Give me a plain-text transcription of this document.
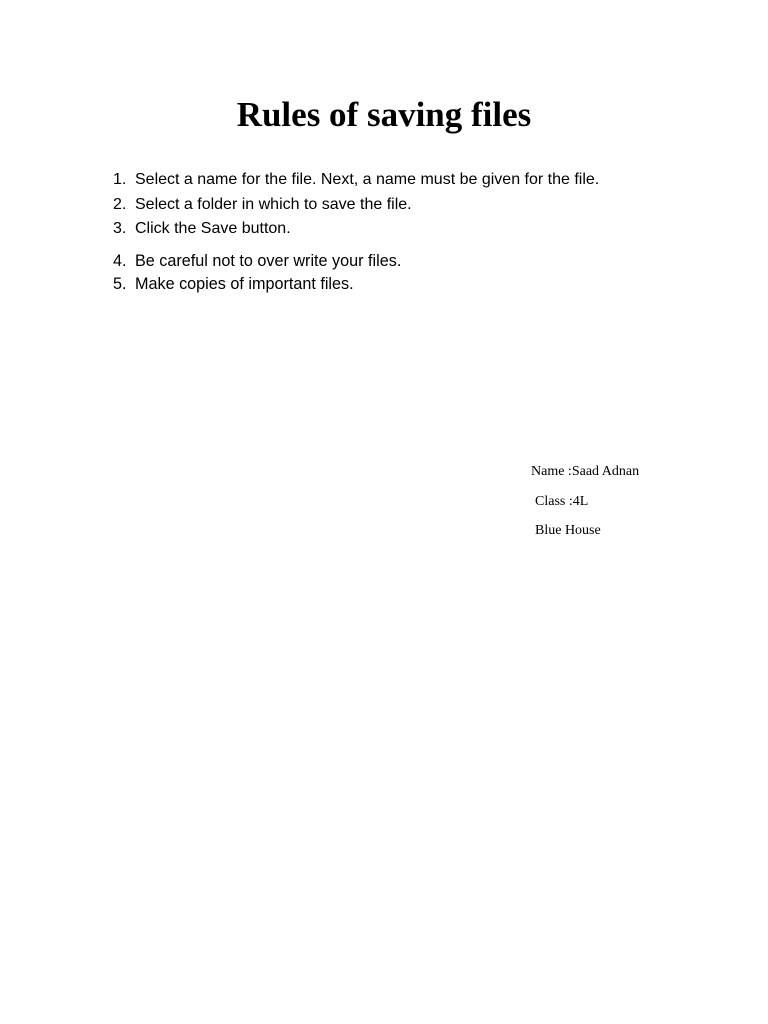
Rules of saving files
1. Select a name for the file. Next, a name must be given for the file.
2. Select a folder in which to save the file.
3. Click the Save button.
4. Be careful not to over write your files.
5. Make copies of important files.
Name :Saad Adnan
Class :4L
Blue House
